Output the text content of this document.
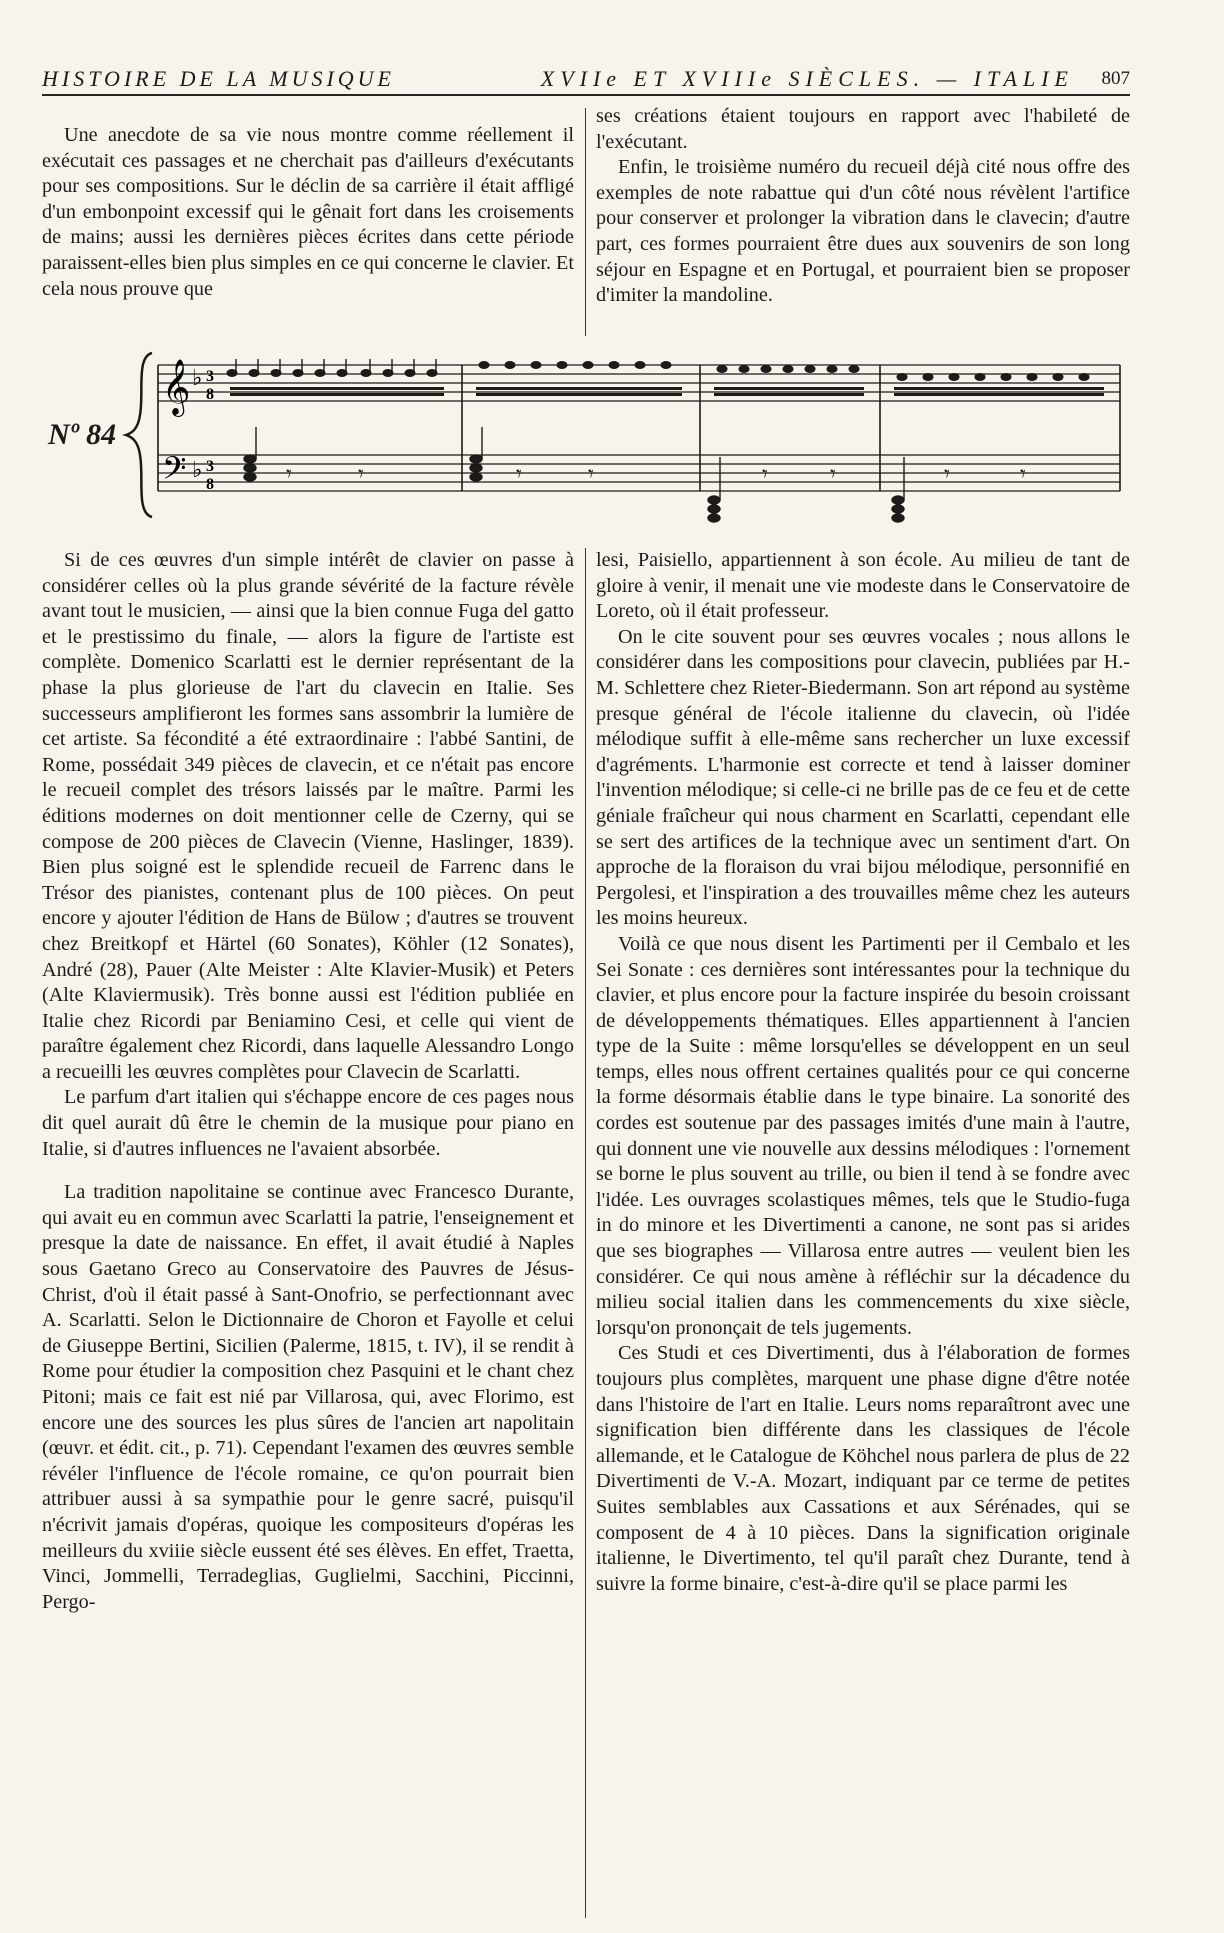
HISTOIRE DE LA MUSIQUE	XVIIe ET XVIIIe SIÈCLES. — ITALIE 807

Une anecdote de sa vie nous montre comme réellement il exécutait ces passages et ne cherchait pas d'ailleurs d'exécutants pour ses compositions. Sur le déclin de sa carrière il était affligé d'un embonpoint excessif qui le gênait fort dans les croisements de mains; aussi les dernières pièces écrites dans cette période paraissent-elles bien plus simples en ce qui concerne le clavier. Et cela nous prouve que

ses créations étaient toujours en rapport avec l'habileté de l'exécutant.

Enfin, le troisième numéro du recueil déjà cité nous offre des exemples de note rabattue qui d'un côté nous révèlent l'artifice pour conserver et prolonger la vibration dans le clavecin; d'autre part, ces formes pourraient être dues aux souvenirs de son long séjour en Espagne et en Portugal, et pourraient bien se proposer d'imiter la mandoline.

Nº 84
𝄞
𝄢
♭
♭
3
8
3
8	𝄾	𝄾	𝄾	𝄾	𝄾	𝄾	𝄾	𝄾

Si de ces œuvres d'un simple intérêt de clavier on passe à considérer celles où la plus grande sévérité de la facture révèle avant tout le musicien, — ainsi que la bien connue Fuga del gatto et le prestissimo du finale, — alors la figure de l'artiste est complète. Domenico Scarlatti est le dernier représentant de la phase la plus glorieuse de l'art du clavecin en Italie. Ses successeurs amplifieront les formes sans assombrir la lumière de cet artiste. Sa fécondité a été extraordinaire : l'abbé Santini, de Rome, possédait 349 pièces de clavecin, et ce n'était pas encore le recueil complet des trésors laissés par le maître. Parmi les éditions modernes on doit mentionner celle de Czerny, qui se compose de 200 pièces de Clavecin (Vienne, Haslinger, 1839). Bien plus soigné est le splendide recueil de Farrenc dans le Trésor des pianistes, contenant plus de 100 pièces. On peut encore y ajouter l'édition de Hans de Bülow ; d'autres se trouvent chez Breitkopf et Härtel (60 Sonates), Köhler (12 Sonates), André (28), Pauer (Alte Meister : Alte Klavier-Musik) et Peters (Alte Klaviermusik). Très bonne aussi est l'édition publiée en Italie chez Ricordi par Beniamino Cesi, et celle qui vient de paraître également chez Ricordi, dans laquelle Alessandro Longo a recueilli les œuvres complètes pour Clavecin de Scarlatti.

Le parfum d'art italien qui s'échappe encore de ces pages nous dit quel aurait dû être le chemin de la musique pour piano en Italie, si d'autres influences ne l'avaient absorbée.

La tradition napolitaine se continue avec Francesco Durante, qui avait eu en commun avec Scarlatti la patrie, l'enseignement et presque la date de naissance. En effet, il avait étudié à Naples sous Gaetano Greco au Conservatoire des Pauvres de Jésus-Christ, d'où il était passé à Sant-Onofrio, se perfectionnant avec A. Scarlatti. Selon le Dictionnaire de Choron et Fayolle et celui de Giuseppe Bertini, Sicilien (Palerme, 1815, t. IV), il se rendit à Rome pour étudier la composition chez Pasquini et le chant chez Pitoni; mais ce fait est nié par Villarosa, qui, avec Florimo, est encore une des sources les plus sûres de l'ancien art napolitain (œuvr. et édit. cit., p. 71). Cependant l'examen des œuvres semble révéler l'influence de l'école romaine, ce qu'on pourrait bien attribuer aussi à sa sympathie pour le genre sacré, puisqu'il n'écrivit jamais d'opéras, quoique les compositeurs d'opéras les meilleurs du xviiie siècle eussent été ses élèves. En effet, Traetta, Vinci, Jommelli, Terradeglias, Guglielmi, Sacchini, Piccinni, Pergo-

lesi, Paisiello, appartiennent à son école. Au milieu de tant de gloire à venir, il menait une vie modeste dans le Conservatoire de Loreto, où il était professeur.

On le cite souvent pour ses œuvres vocales ; nous allons le considérer dans les compositions pour clavecin, publiées par H.-M. Schlettere chez Rieter-Biedermann. Son art répond au système presque général de l'école italienne du clavecin, où l'idée mélodique suffit à elle-même sans rechercher un luxe excessif d'agréments. L'harmonie est correcte et tend à laisser dominer l'invention mélodique; si celle-ci ne brille pas de ce feu et de cette géniale fraîcheur qui nous charment en Scarlatti, cependant elle se sert des artifices de la technique avec un sentiment d'art. On approche de la floraison du vrai bijou mélodique, personnifié en Pergolesi, et l'inspiration a des trouvailles même chez les auteurs les moins heureux.

Voilà ce que nous disent les Partimenti per il Cembalo et les Sei Sonate : ces dernières sont intéressantes pour la technique du clavier, et plus encore pour la facture inspirée du besoin croissant de développements thématiques. Elles appartiennent à l'ancien type de la Suite : même lorsqu'elles se développent en un seul temps, elles nous offrent certaines qualités pour ce qui concerne la forme désormais établie dans le type binaire. La sonorité des cordes est soutenue par des passages imités d'une main à l'autre, qui donnent une vie nouvelle aux dessins mélodiques : l'ornement se borne le plus souvent au trille, ou bien il tend à se fondre avec l'idée. Les ouvrages scolastiques mêmes, tels que le Studio-fuga in do minore et les Divertimenti a canone, ne sont pas si arides que ses biographes — Villarosa entre autres — veulent bien les considérer. Ce qui nous amène à réfléchir sur la décadence du milieu social italien dans les commencements du xixe siècle, lorsqu'on prononçait de tels jugements.

Ces Studi et ces Divertimenti, dus à l'élaboration de formes toujours plus complètes, marquent une phase digne d'être notée dans l'histoire de l'art en Italie. Leurs noms reparaîtront avec une signification bien différente dans les classiques de l'école allemande, et le Catalogue de Köhchel nous parlera de plus de 22 Divertimenti de V.-A. Mozart, indiquant par ce terme de petites Suites semblables aux Cassations et aux Sérénades, qui se composent de 4 à 10 pièces. Dans la signification originale italienne, le Divertimento, tel qu'il paraît chez Durante, tend à suivre la forme binaire, c'est-à-dire qu'il se place parmi les
